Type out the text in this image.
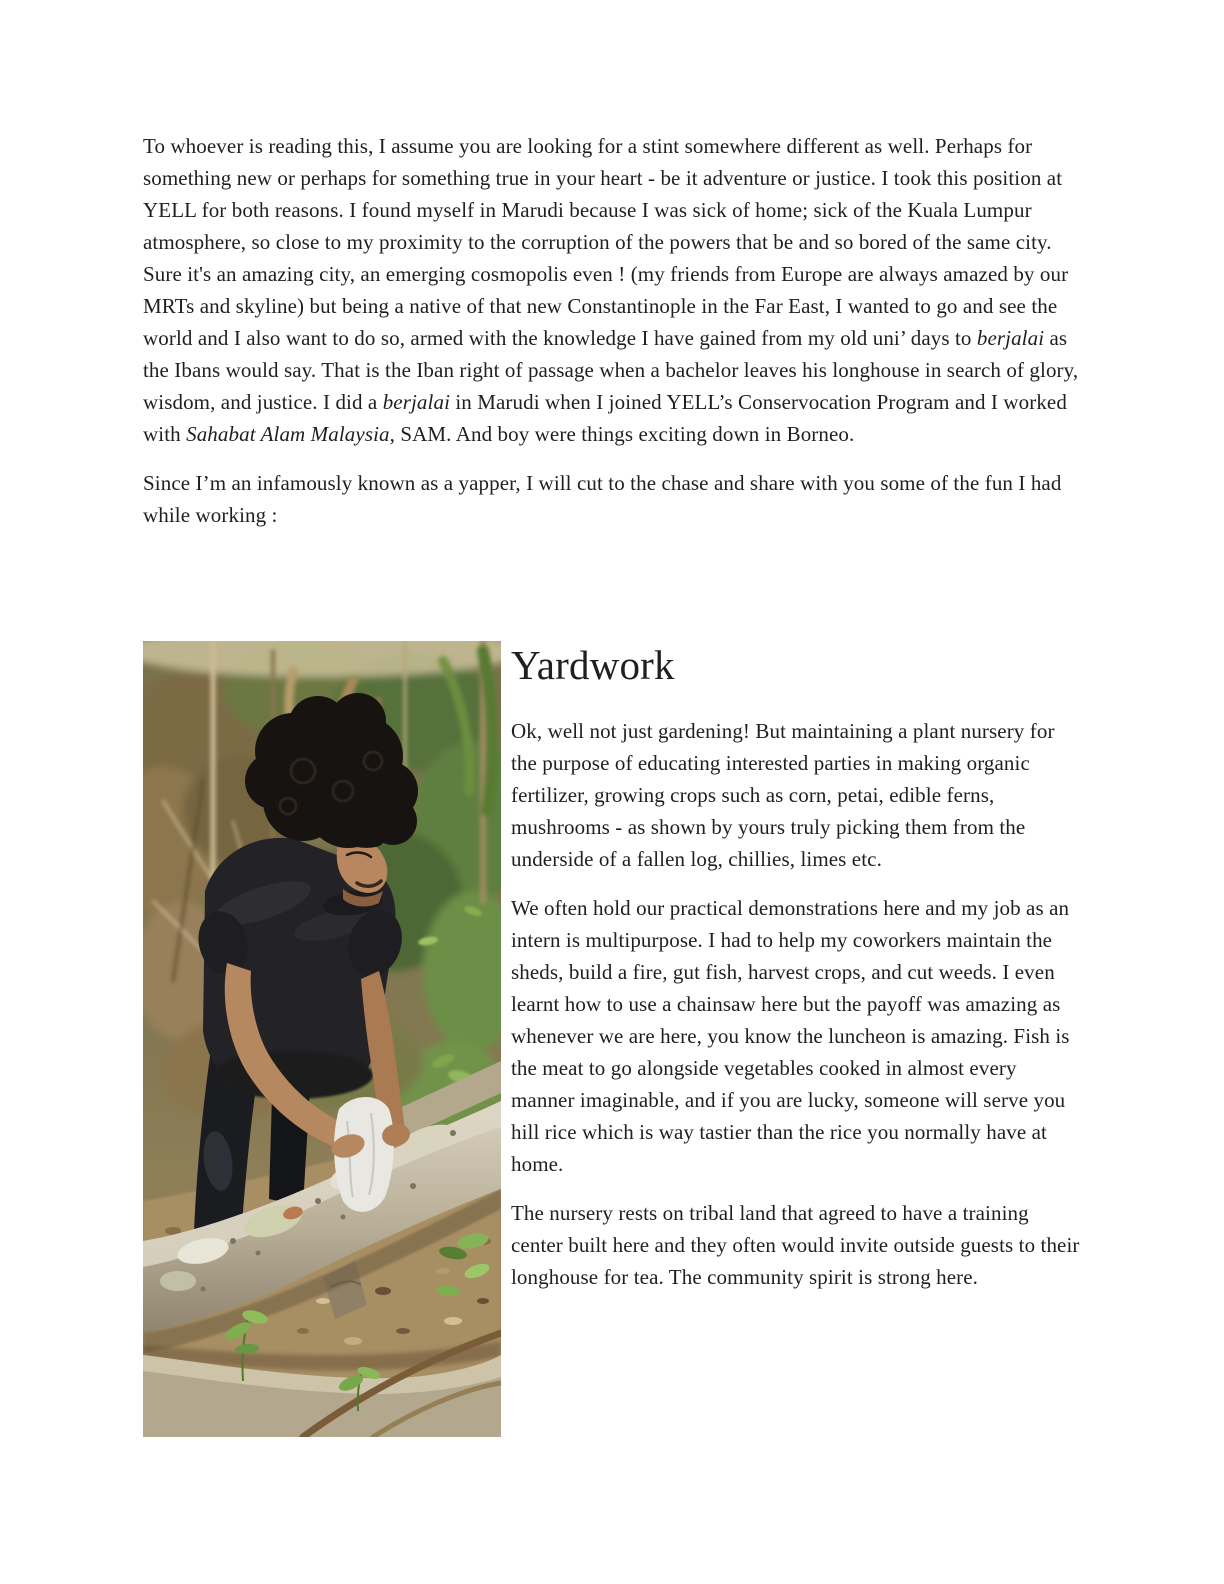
To whoever is reading this, I assume you are looking for a stint somewhere different as well. Perhaps for something new or perhaps for something true in your heart - be it adventure or justice. I took this position at YELL for both reasons. I found myself in Marudi because I was sick of home; sick of the Kuala Lumpur atmosphere, so close to my proximity to the corruption of the powers that be and so bored of the same city. Sure it's an amazing city, an emerging cosmopolis even ! (my friends from Europe are always amazed by our MRTs and skyline) but being a native of that new Constantinople in the Far East, I wanted to go and see the world and I also want to do so, armed with the knowledge I have gained from my old uni’ days to berjalai as the Ibans would say. That is the Iban right of passage when a bachelor leaves his longhouse in search of glory, wisdom, and justice. I did a berjalai in Marudi when I joined YELL’s Conservocation Program and I worked with Sahabat Alam Malaysia, SAM. And boy were things exciting down in Borneo.

Since I’m an infamously known as a yapper, I will cut to the chase and share with you some of the fun I had while working :

Yardwork

Ok, well not just gardening! But maintaining a plant nursery for the purpose of educating interested parties in making organic fertilizer, growing crops such as corn, petai, edible ferns, mushrooms - as shown by yours truly picking them from the underside of a fallen log, chillies, limes etc.

We often hold our practical demonstrations here and my job as an intern is multipurpose. I had to help my coworkers maintain the sheds, build a fire, gut fish, harvest crops, and cut weeds. I even learnt how to use a chainsaw here but the payoff was amazing as whenever we are here, you know the luncheon is amazing. Fish is the meat to go alongside vegetables cooked in almost every manner imaginable, and if you are lucky, someone will serve you hill rice which is way tastier than the rice you normally have at home.

The nursery rests on tribal land that agreed to have a training center built here and they often would invite outside guests to their longhouse for tea. The community spirit is strong here.
